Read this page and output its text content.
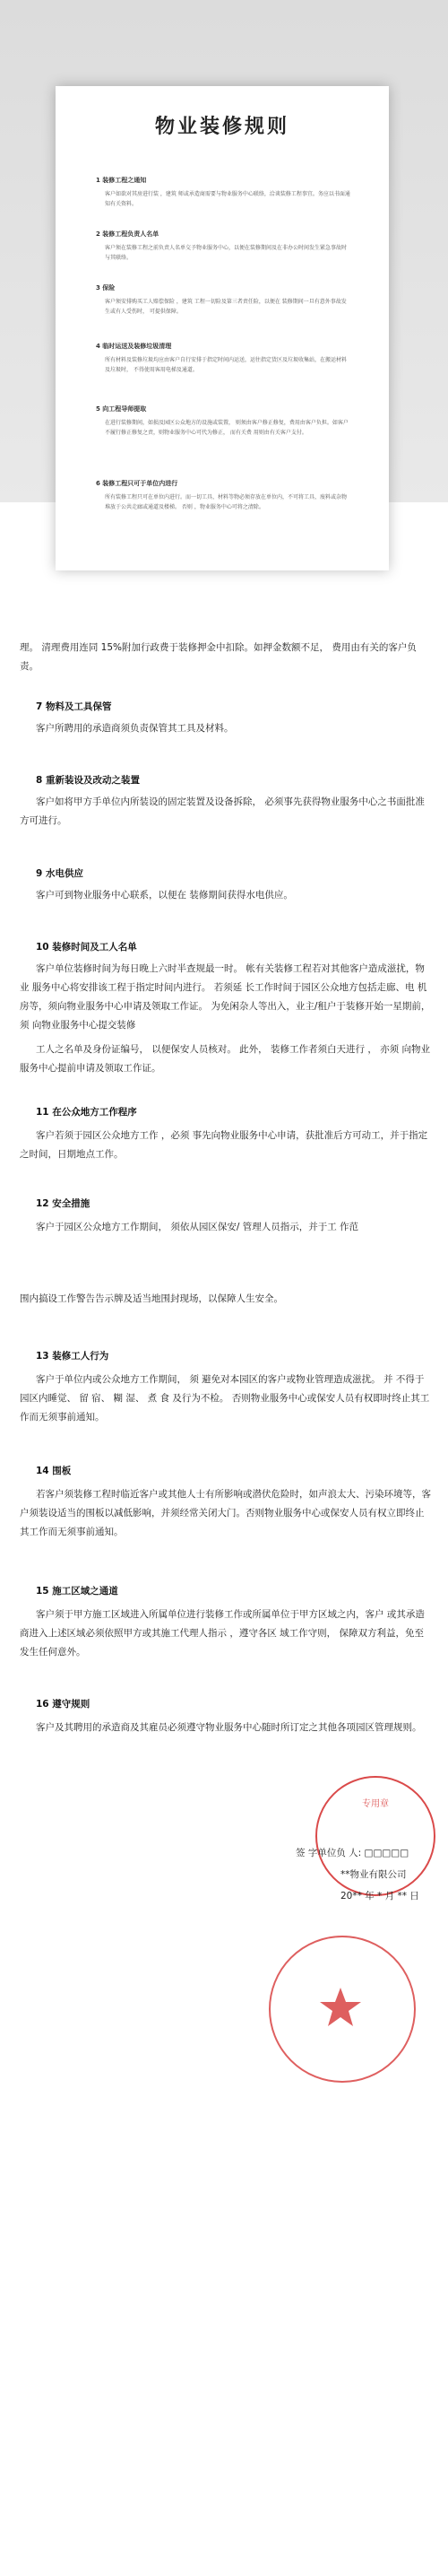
物业装修规则
1 装修工程之通知
客户如欲对其房进行装 ，建筑 师或承造商需要与物业服务中心联络，洽谈装修工程事宜。务应以书面通知有关资料。
2 装修工程负责人名单
客户须在装修工程之前负责人名单交予物业服务中心，以便在装修期间及在非办公时间发生紧急事故时与其联络。
3 保险
客户须安排购买工人赔偿保险 ，建筑 工程一切险及第三者责任险，以便在 装修期间一旦有意外事故发生或有人受伤时， 可提供保障。
4 临时运送及装修垃圾清理
所有材料及装修垃圾均应由客户自行安排于指定时间内运送，运往指定货区及垃圾收集站，在搬运材料及垃圾时， 不得使用客用电梯及通道。
5 向工程导师提取
在进行装修期间，如损及园区公众地方的设施或装置， 则须由客户修正修复，费用由客户负担。如客户不履行修正修复之责，则物业服务中心可代为修正， 而有关费 用则由有关客户支付。
6 装修工程只可于单位内进行
所有装修工程只可在单位内进行。而一切工具、材料等物必须存放在单位内，不可将工具、废料或杂物堆放于公共走廊或通道及楼梯。 否则 ，物业服务中心可将之清除。
理。 清理费用连同 15%附加行政费于装修押金中扣除。如押金数额不足， 费用由有关的客户负责。
7 物料及工具保管
客户所聘用的承造商须负责保管其工具及材料。
8 重新装设及改动之装置
客户如将甲方手单位内所装设的固定装置及设备拆除， 必须事先获得物业服务中心之书面批准方可进行。
9 水电供应
客户可到物业服务中心联系，以便在 装修期间获得水电供应。
10 装修时间及工人名单
客户单位装修时间为每日晚上六时半查规最一时。 帐有关装修工程若对其他客户造成滋扰，物业 服务中心将安排该工程于指定时间内进行。 若须延 长工作时间于园区公众地方包括走廊、电 机房等，须向物业服务中心申请及领取工作证。 为免闲杂人等出入，业主/租户于装修开始一星期前，须 向物业服务中心提交装修
工人之名单及身份证编号， 以便保安人员核对。 此外， 装修工作者须白天进行 ， 亦须 向物业服务中心提前申请及领取工作证。
11 在公众地方工作程序
客户若须于园区公众地方工作 ，必须 事先向物业服务中心申请，获批准后方可动工，并于指定之时间，日期地点工作。
12 安全措施
客户于园区公众地方工作期间， 须依从园区保安/ 管理人员指示，并于工 作范
围内搞设工作警告告示牌及适当地围封现场，以保障人生安全。
13 装修工人行为
客户于单位内或公众地方工作期间， 须 避免对本园区的客户或物业管理造成滋扰。 并 不得于园区内睡觉、 留 宿、 糊 湿、 煮 食 及行为不检。 否则物业服务中心或保安人员有权即时终止其工作而无须事前通知。
14 围板
若客户须装修工程时临近客户或其他人士有所影响或潜伏危险时，如声浪太大、污染环境等，客户须装设适当的围板以减低影响，并须经常关闭大门。否则物业服务中心或保安人员有权立即终止其工作而无须事前通知。
15 施工区域之通道
客户须于甲方施工区域进入所属单位进行装修工作或所属单位于甲方区域之内，客户 或其承造商进入上述区域必须依照甲方或其施工代理人指示 ，遵守各区 域工作守则， 保障双方利益，免至发生任何意外。
16 遵守规则
客户及其聘用的承造商及其雇员必须遵守物业服务中心随时所订定之其他各项园区管理规则。
专用章
签 字单位负 人: □□□□□
**物业有限公司
20** 年 * 月 ** 日
